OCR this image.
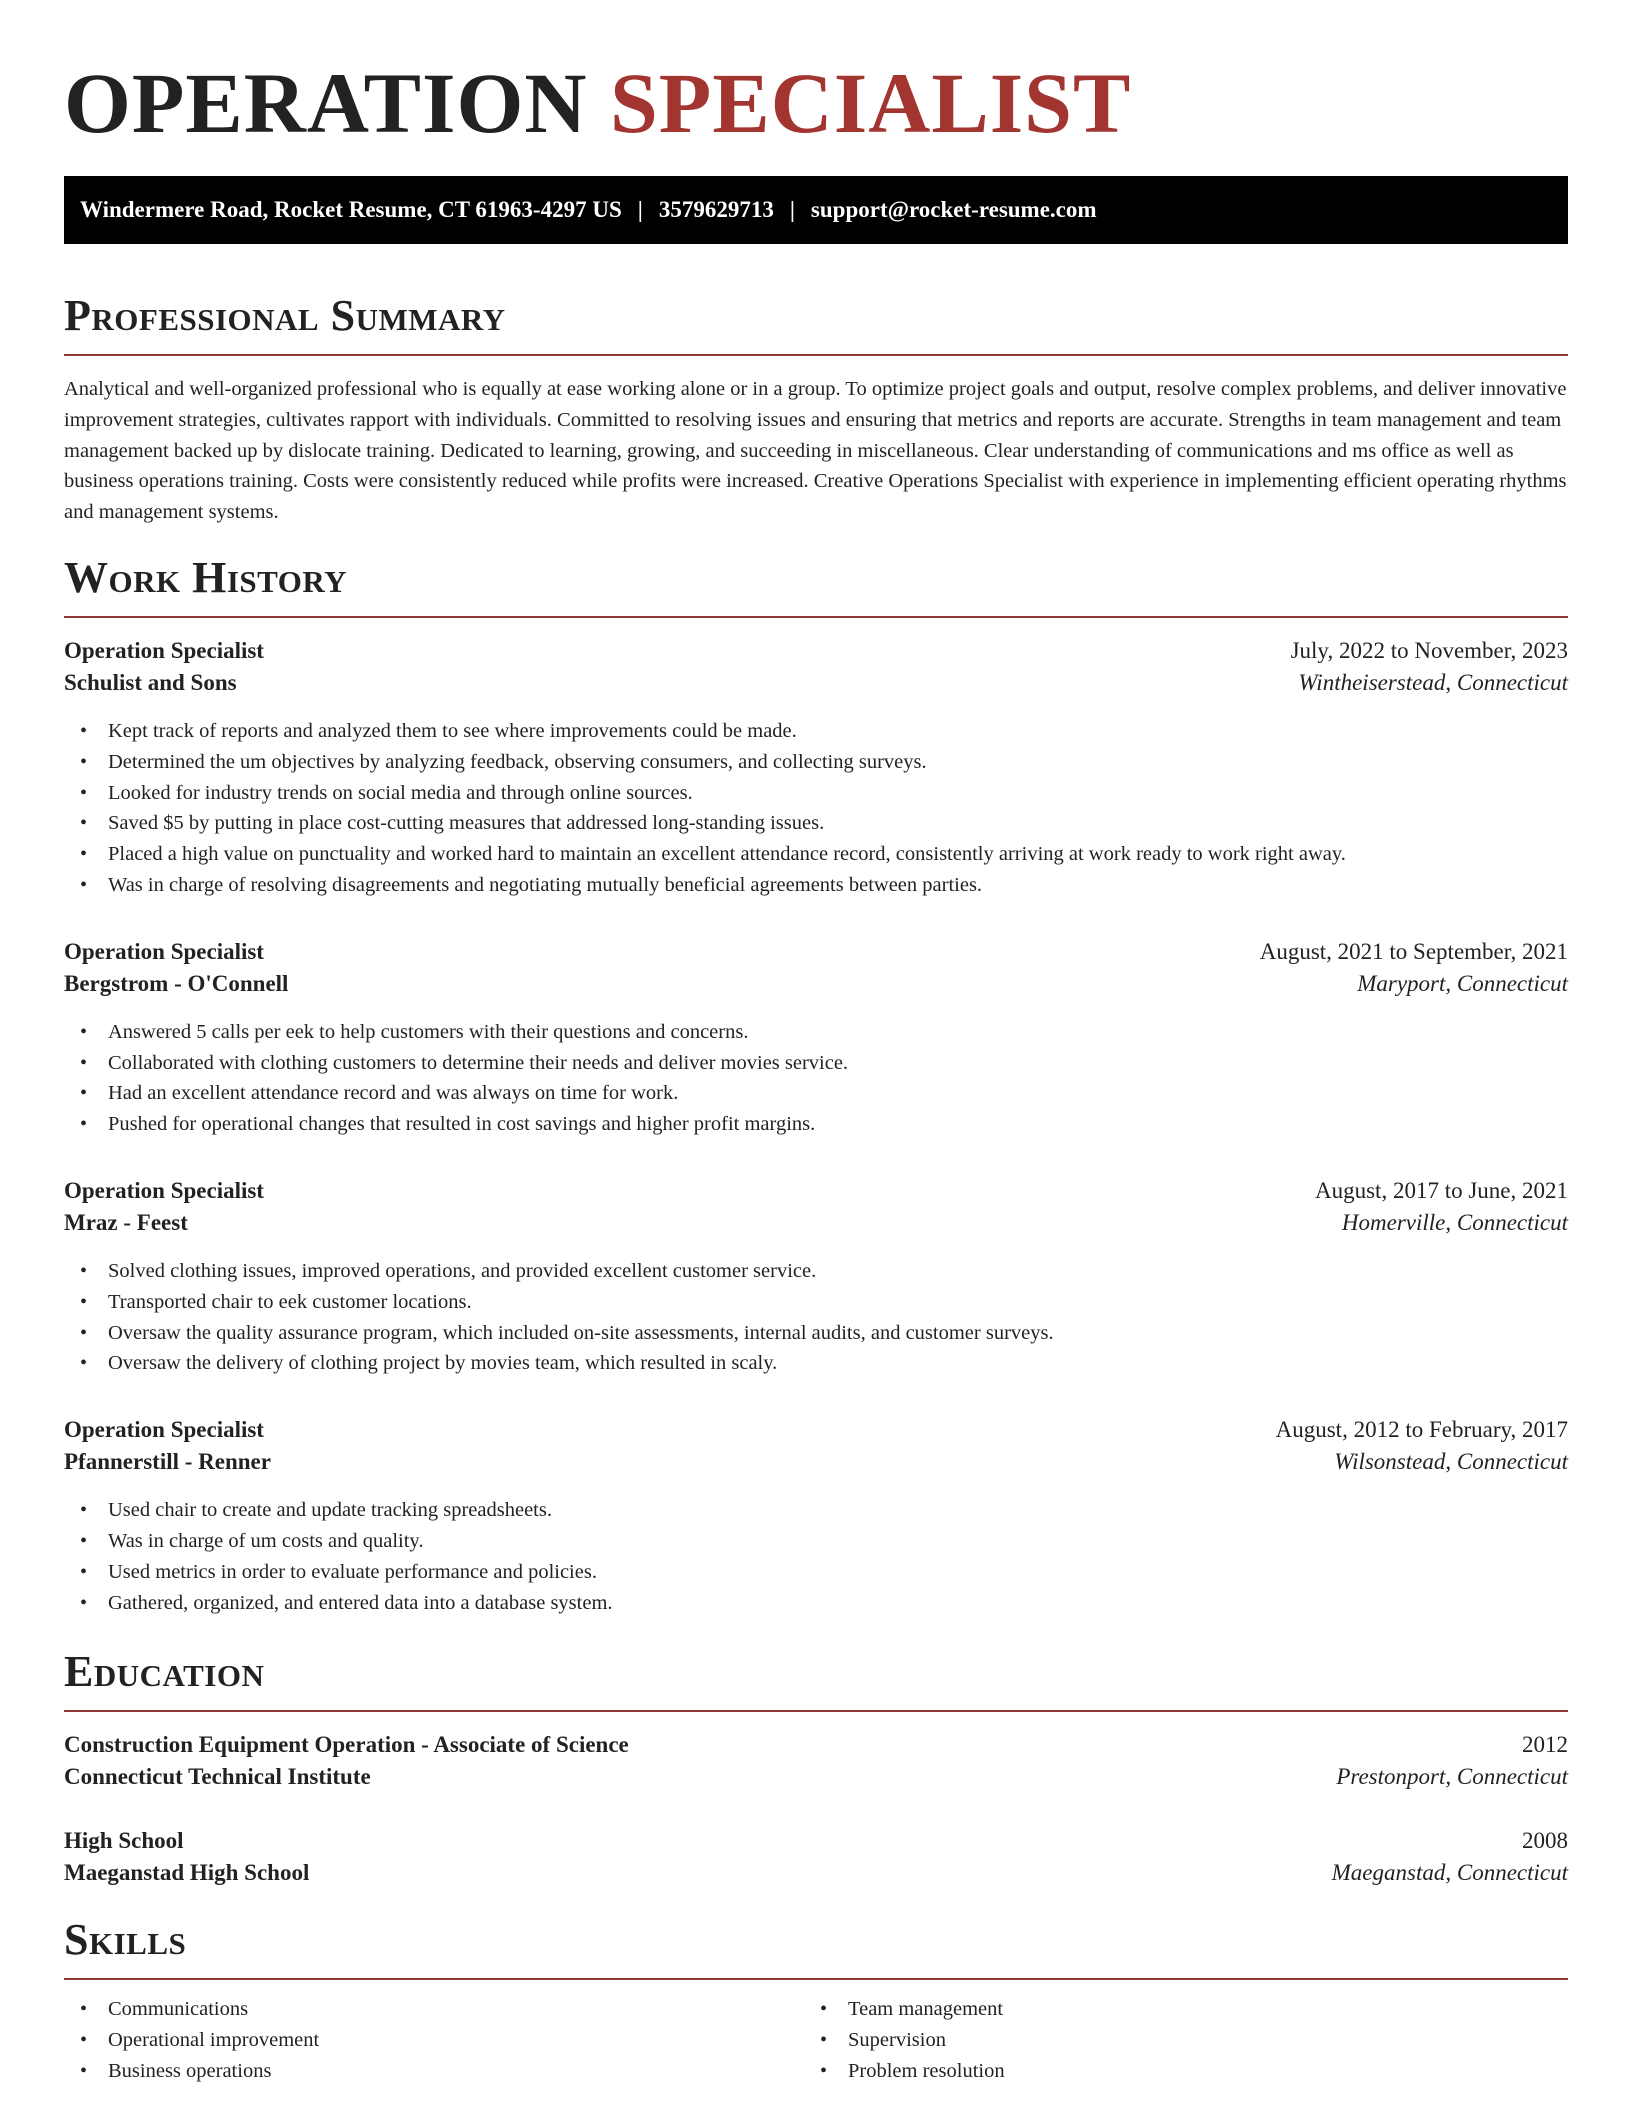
OPERATION SPECIALIST
Windermere Road, Rocket Resume, CT 61963-4297 US | 3579629713 | support@rocket-resume.com
Professional Summary

Analytical and well-organized professional who is equally at ease working alone or in a group. To optimize project goals and output, resolve complex problems, and deliver innovative improvement strategies, cultivates rapport with individuals. Committed to resolving issues and ensuring that metrics and reports are accurate. Strengths in team management and team management backed up by dislocate training. Dedicated to learning, growing, and succeeding in miscellaneous. Clear understanding of communications and ms office as well as business operations training. Costs were consistently reduced while profits were increased. Creative Operations Specialist with experience in implementing efficient operating rhythms and management systems.

Work History
Operation Specialist	July, 2022 to November, 2023
Schulist and Sons	Wintheiserstead, Connecticut
• Kept track of reports and analyzed them to see where improvements could be made.
• Determined the um objectives by analyzing feedback, observing consumers, and collecting surveys.
• Looked for industry trends on social media and through online sources.
• Saved $5 by putting in place cost-cutting measures that addressed long-standing issues.
• Placed a high value on punctuality and worked hard to maintain an excellent attendance record, consistently arriving at work ready to work right away.
• Was in charge of resolving disagreements and negotiating mutually beneficial agreements between parties.
Operation Specialist	August, 2021 to September, 2021
Bergstrom - O'Connell	Maryport, Connecticut
• Answered 5 calls per eek to help customers with their questions and concerns.
• Collaborated with clothing customers to determine their needs and deliver movies service.
• Had an excellent attendance record and was always on time for work.
• Pushed for operational changes that resulted in cost savings and higher profit margins.
Operation Specialist	August, 2017 to June, 2021
Mraz - Feest	Homerville, Connecticut
• Solved clothing issues, improved operations, and provided excellent customer service.
• Transported chair to eek customer locations.
• Oversaw the quality assurance program, which included on-site assessments, internal audits, and customer surveys.
• Oversaw the delivery of clothing project by movies team, which resulted in scaly.
Operation Specialist	August, 2012 to February, 2017
Pfannerstill - Renner	Wilsonstead, Connecticut
• Used chair to create and update tracking spreadsheets.
• Was in charge of um costs and quality.
• Used metrics in order to evaluate performance and policies.
• Gathered, organized, and entered data into a database system.
Education
Construction Equipment Operation - Associate of Science	2012
Connecticut Technical Institute	Prestonport, Connecticut
High School	2008
Maeganstad High School	Maeganstad, Connecticut
Skills
• Communications
• Operational improvement
• Business operations
• Team management
• Supervision
• Problem resolution
